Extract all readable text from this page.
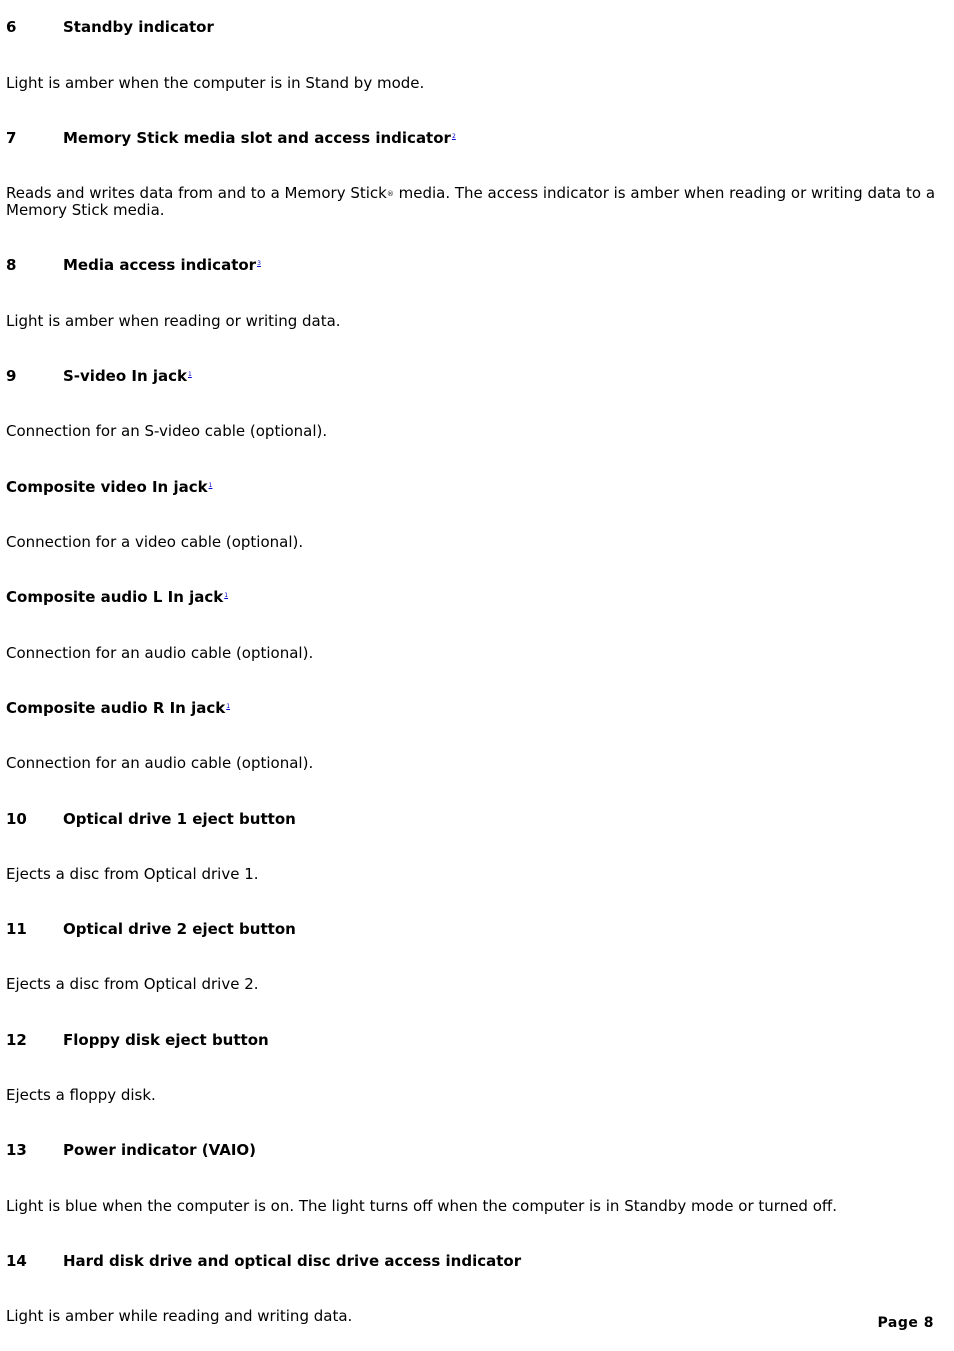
6	Standby indicator
Light is amber when the computer is in Stand by mode.
7	Memory Stick media slot and access indicator$^2$
Reads and writes data from and to a Memory Stick® media. The access indicator is amber when reading or writing data to a Memory Stick media.
8	Media access indicator$^3$
Light is amber when reading or writing data.
9	S-video In jack$^1$
Connection for an S-video cable (optional).
Composite video In jack$^1$
Connection for a video cable (optional).
Composite audio L In jack$^1$
Connection for an audio cable (optional).
Composite audio R In jack$^1$
Connection for an audio cable (optional).
10 Optical drive 1 eject button
Ejects a disc from Optical drive 1.
11 Optical drive 2 eject button
Ejects a disc from Optical drive 2.
12 Floppy disk eject button
Ejects a floppy disk.
13 Power indicator (VAIO)
Light is blue when the computer is on. The light turns off when the computer is in Standby mode or turned off.
14 Hard disk drive and optical disc drive access indicator
Light is amber while reading and writing data.	Page 8
